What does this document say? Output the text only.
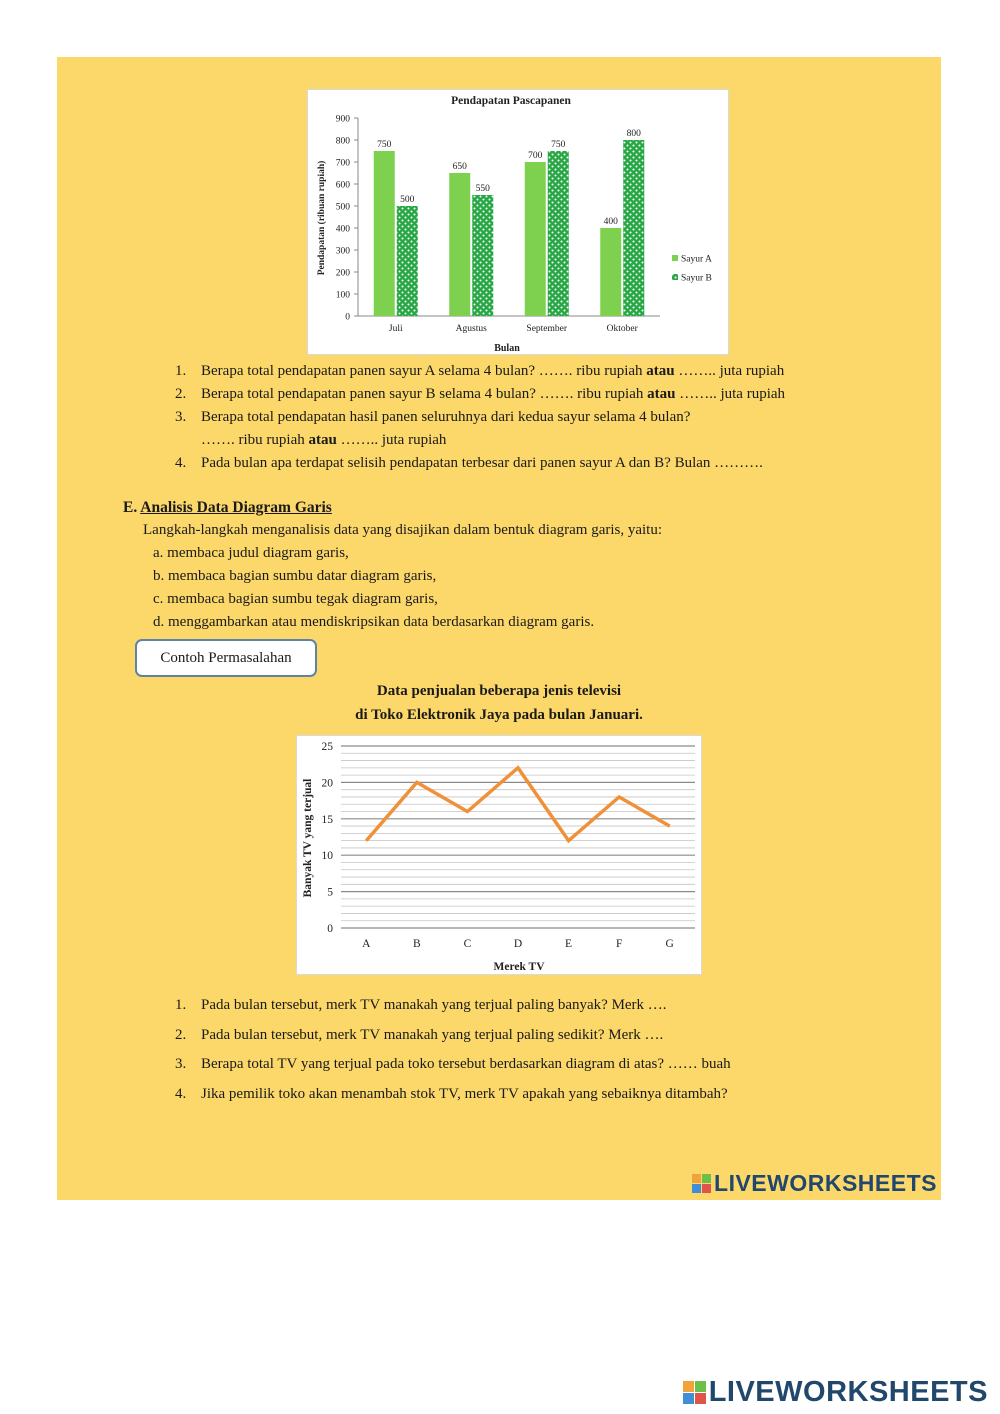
Pendapatan Pascapanen
Pendapatan (ribuan rupiah)
Bulan
0
100
200
300
400
500
600
700
800
900
750
500
Juli
650
550
Agustus
700
750
September
400
800
Oktober
Sayur A
Sayur B
1. Berapa total pendapatan panen sayur A selama 4 bulan? ……. ribu rupiah atau …….. juta rupiah
2. Berapa total pendapatan panen sayur B selama 4 bulan? ……. ribu rupiah atau …….. juta rupiah
3. Berapa total pendapatan hasil panen seluruhnya dari kedua sayur selama 4 bulan?
……. ribu rupiah atau …….. juta rupiah
4. Pada bulan apa terdapat selisih pendapatan terbesar dari panen sayur A dan B? Bulan ……….
E. Analisis Data Diagram Garis
Langkah-langkah menganalisis data yang disajikan dalam bentuk diagram garis, yaitu:
a. membaca judul diagram garis,
b. membaca bagian sumbu datar diagram garis,
c. membaca bagian sumbu tegak diagram garis,
d. menggambarkan atau mendiskripsikan data berdasarkan diagram garis.
Contoh Permasalahan
Data penjualan beberapa jenis televisi
di Toko Elektronik Jaya pada bulan Januari.
Banyak TV yang terjual
Merek TV
0
5
10
15
20
25
A	B	C	D	E	F	G
1. Pada bulan tersebut, merk TV manakah yang terjual paling banyak? Merk ….
2. Pada bulan tersebut, merk TV manakah yang terjual paling sedikit? Merk ….
3. Berapa total TV yang terjual pada toko tersebut berdasarkan diagram di atas? …… buah
4. Jika pemilik toko akan menambah stok TV, merk TV apakah yang sebaiknya ditambah?
LIVEWORKSHEETS
LIVEWORKSHEETS
